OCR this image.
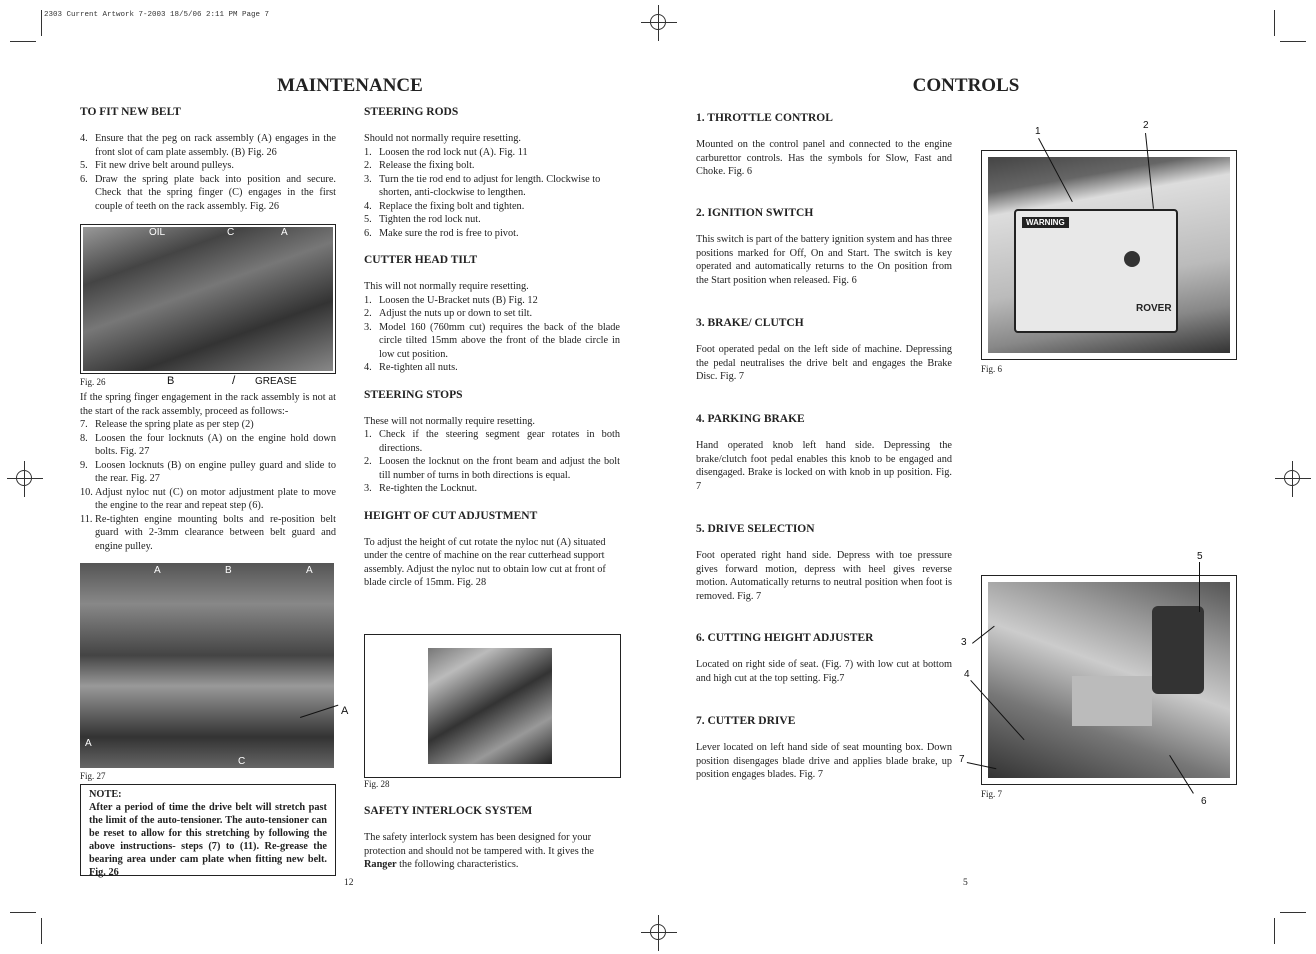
2303 Current Artwork 7-2003 18/5/06 2:11 PM Page 7
MAINTENANCE
TO FIT NEW BELT
4. Ensure that the peg on rack assembly (A) engages in the front slot of cam plate assembly. (B) Fig. 26
5. Fit new drive belt around pulleys.
6. Draw the spring plate back into position and secure. Check that the spring finger (C) engages in the first couple of teeth on the rack assembly. Fig. 26
OIL	C	A
Fig. 26	B	/ GREASE
If the spring finger engagement in the rack assembly is not at the start of the rack assembly, proceed as follows:-
7. Release the spring plate as per step (2)
8. Loosen the four locknuts (A) on the engine hold down bolts. Fig. 27
9. Loosen locknuts (B) on engine pulley guard and slide to the rear. Fig. 27
10. Adjust nyloc nut (C) on motor adjustment plate to move the engine to the rear and repeat step (6).
11. Re-tighten engine mounting bolts and re-position belt guard with 2-3mm clearance between belt guard and engine pulley.
A	B	A
A
C
A
Fig. 27
NOTE:
After a period of time the drive belt will stretch past the limit of the auto-tensioner. The auto-tensioner can be reset to allow for this stretching by following the above instructions- steps (7) to (11). Re-grease the bearing area under cam plate when fitting new belt. Fig. 26
STEERING RODS
Should not normally require resetting.
1. Loosen the rod lock nut (A). Fig. 11
2. Release the fixing bolt.
3. Turn the tie rod end to adjust for length. Clockwise to shorten, anti-clockwise to lengthen.
4. Replace the fixing bolt and tighten.
5. Tighten the rod lock nut.
6. Make sure the rod is free to pivot.
CUTTER HEAD TILT
This will not normally require resetting.
1. Loosen the U-Bracket nuts (B) Fig. 12
2. Adjust the nuts up or down to set tilt.
3. Model 160 (760mm cut) requires the back of the blade circle tilted 15mm above the front of the blade circle in low cut position.
4. Re-tighten all nuts.
STEERING STOPS
These will not normally require resetting.
1. Check if the steering segment gear rotates in both directions.
2. Loosen the locknut on the front beam and adjust the bolt till number of turns in both directions is equal.
3. Re-tighten the Locknut.
HEIGHT OF CUT ADJUSTMENT
To adjust the height of cut rotate the nyloc nut (A) situated under the centre of machine on the rear cutterhead support assembly. Adjust the nyloc nut to obtain low cut at front of blade circle of 15mm. Fig. 28
Fig. 28
SAFETY INTERLOCK SYSTEM
The safety interlock system has been designed for your protection and should not be tampered with. It gives the Ranger the following characteristics.
12
CONTROLS
1. THROTTLE CONTROL
Mounted on the control panel and connected to the engine carburettor controls. Has the symbols for Slow, Fast and Choke. Fig. 6
2. IGNITION SWITCH
This switch is part of the battery ignition system and has three positions marked for Off, On and Start. The switch is key operated and automatically returns to the On position from the Start position when released. Fig. 6
3. BRAKE/ CLUTCH
Foot operated pedal on the left side of machine. Depressing the pedal neutralises the drive belt and engages the Brake Disc. Fig. 7
4. PARKING BRAKE
Hand operated knob left hand side. Depressing the brake/clutch foot pedal enables this knob to be engaged and disengaged. Brake is locked on with knob in up position. Fig. 7
5. DRIVE SELECTION
Foot operated right hand side. Depress with toe pressure gives forward motion, depress with heel gives reverse motion. Automatically returns to neutral position when foot is removed. Fig. 7
6. CUTTING HEIGHT ADJUSTER
Located on right side of seat. (Fig. 7) with low cut at bottom and high cut at the top setting. Fig.7
7. CUTTER DRIVE
Lever located on left hand side of seat mounting box. Down position disengages blade drive and applies blade brake, up position engages blades. Fig. 7
1
2
WARNING
ROVER
Fig. 6
5
3
4
7
6
Fig. 7
5
